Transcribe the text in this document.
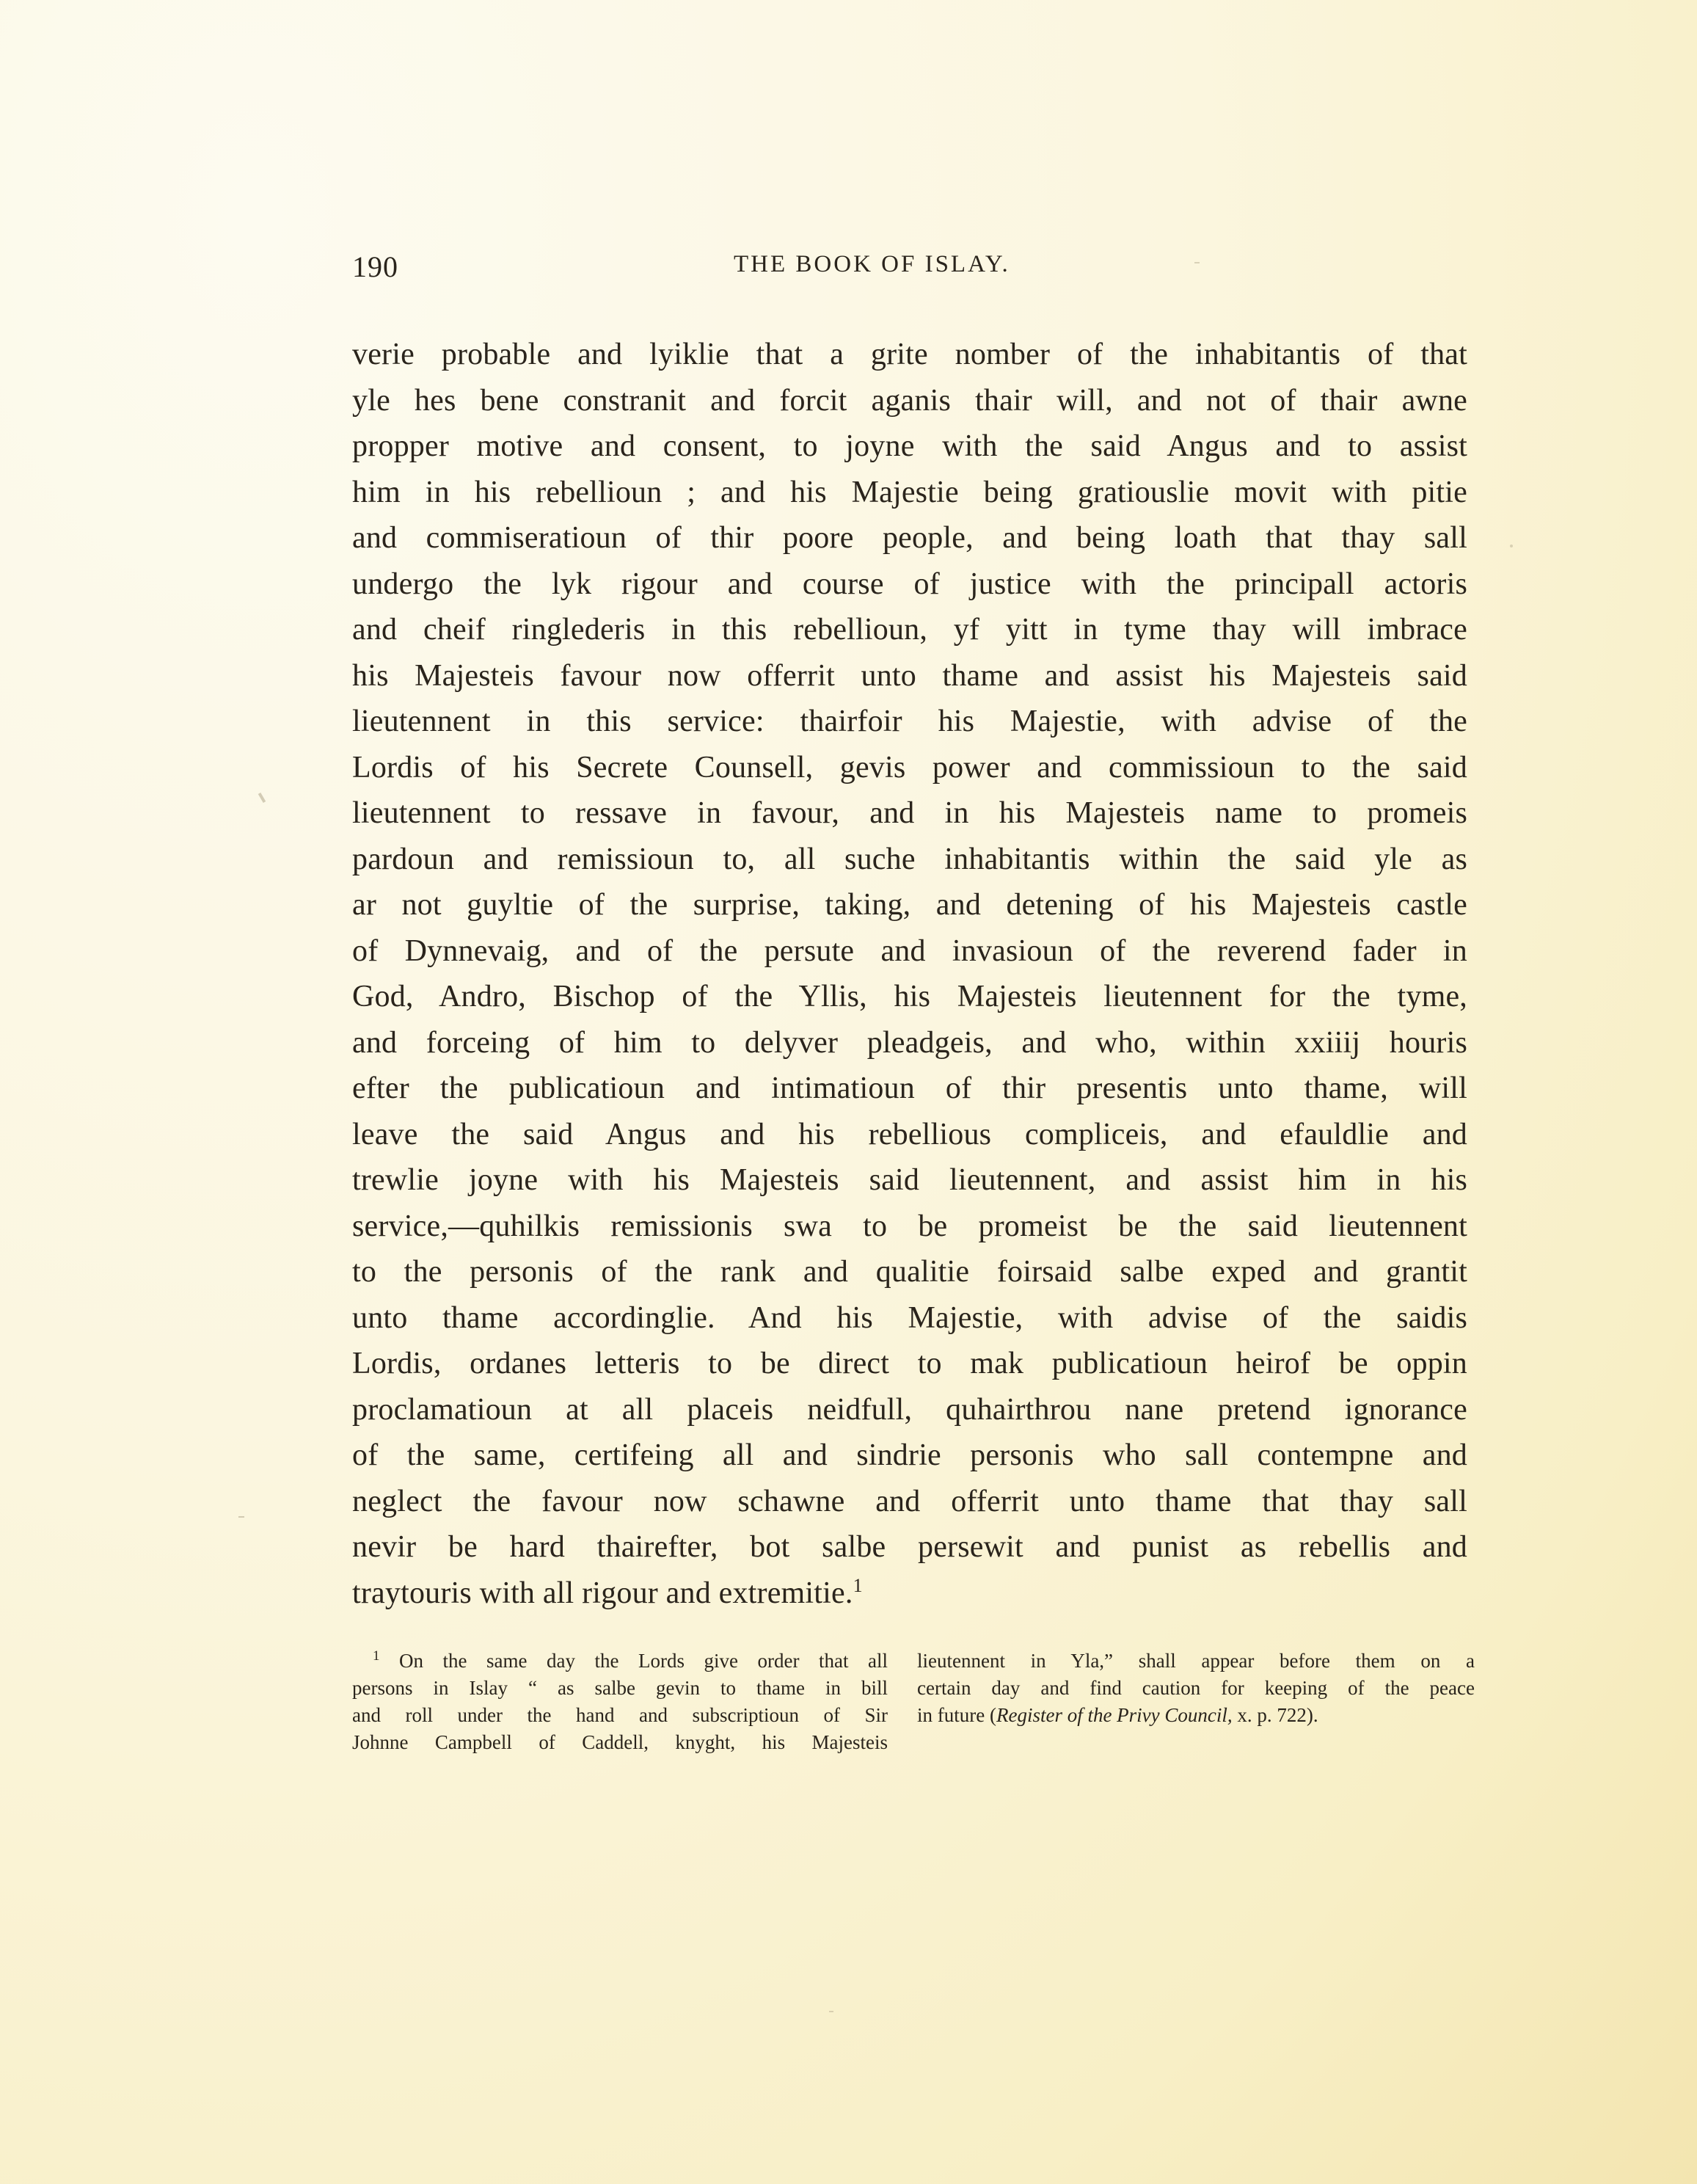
190	THE BOOK OF ISLAY.
verie probable and lyiklie that a grite nomber of the inhabitantis of that
yle hes bene constranit and forcit aganis thair will, and not of thair awne
propper motive and consent, to joyne with the said Angus and to assist
him in his rebellioun ; and his Majestie being gratiouslie movit with pitie
and commiseratioun of thir poore people, and being loath that thay sall
undergo the lyk rigour and course of justice with the principall actoris
and cheif ringlederis in this rebellioun, yf yitt in tyme thay will imbrace
his Majesteis favour now offerrit unto thame and assist his Majesteis said
lieutennent in this service: thairfoir his Majestie, with advise of the
Lordis of his Secrete Counsell, gevis power and commissioun to the said
lieutennent to ressave in favour, and in his Majesteis name to promeis
pardoun and remissioun to, all suche inhabitantis within the said yle as
ar not guyltie of the surprise, taking, and detening of his Majesteis castle
of Dynnevaig, and of the persute and invasioun of the reverend fader in
God, Andro, Bischop of the Yllis, his Majesteis lieutennent for the tyme,
and forceing of him to delyver pleadgeis, and who, within xxiiij houris
efter the publicatioun and intimatioun of thir presentis unto thame, will
leave the said Angus and his rebellious compliceis, and efauldlie and
trewlie joyne with his Majesteis said lieutennent, and assist him in his
service,—quhilkis remissionis swa to be promeist be the said lieutennent
to the personis of the rank and qualitie foirsaid salbe exped and grantit
unto thame accordinglie. And his Majestie, with advise of the saidis
Lordis, ordanes letteris to be direct to mak publicatioun heirof be oppin
proclamatioun at all placeis neidfull, quhairthrou nane pretend ignorance
of the same, certifeing all and sindrie personis who sall contempne and
neglect the favour now schawne and offerrit unto thame that thay sall
nevir be hard thairefter, bot salbe persewit and punist as rebellis and
traytouris with all rigour and extremitie.$^1$
$^1$ On the same day the Lords give order that all
persons in Islay “ as salbe gevin to thame in bill
and roll under the hand and subscriptioun of Sir
Johnne Campbell of Caddell, knyght, his Majesteis
lieutennent in Yla,” shall appear before them on a
certain day and find caution for keeping of the peace
in future (Register of the Privy Council, x. p. 722).
